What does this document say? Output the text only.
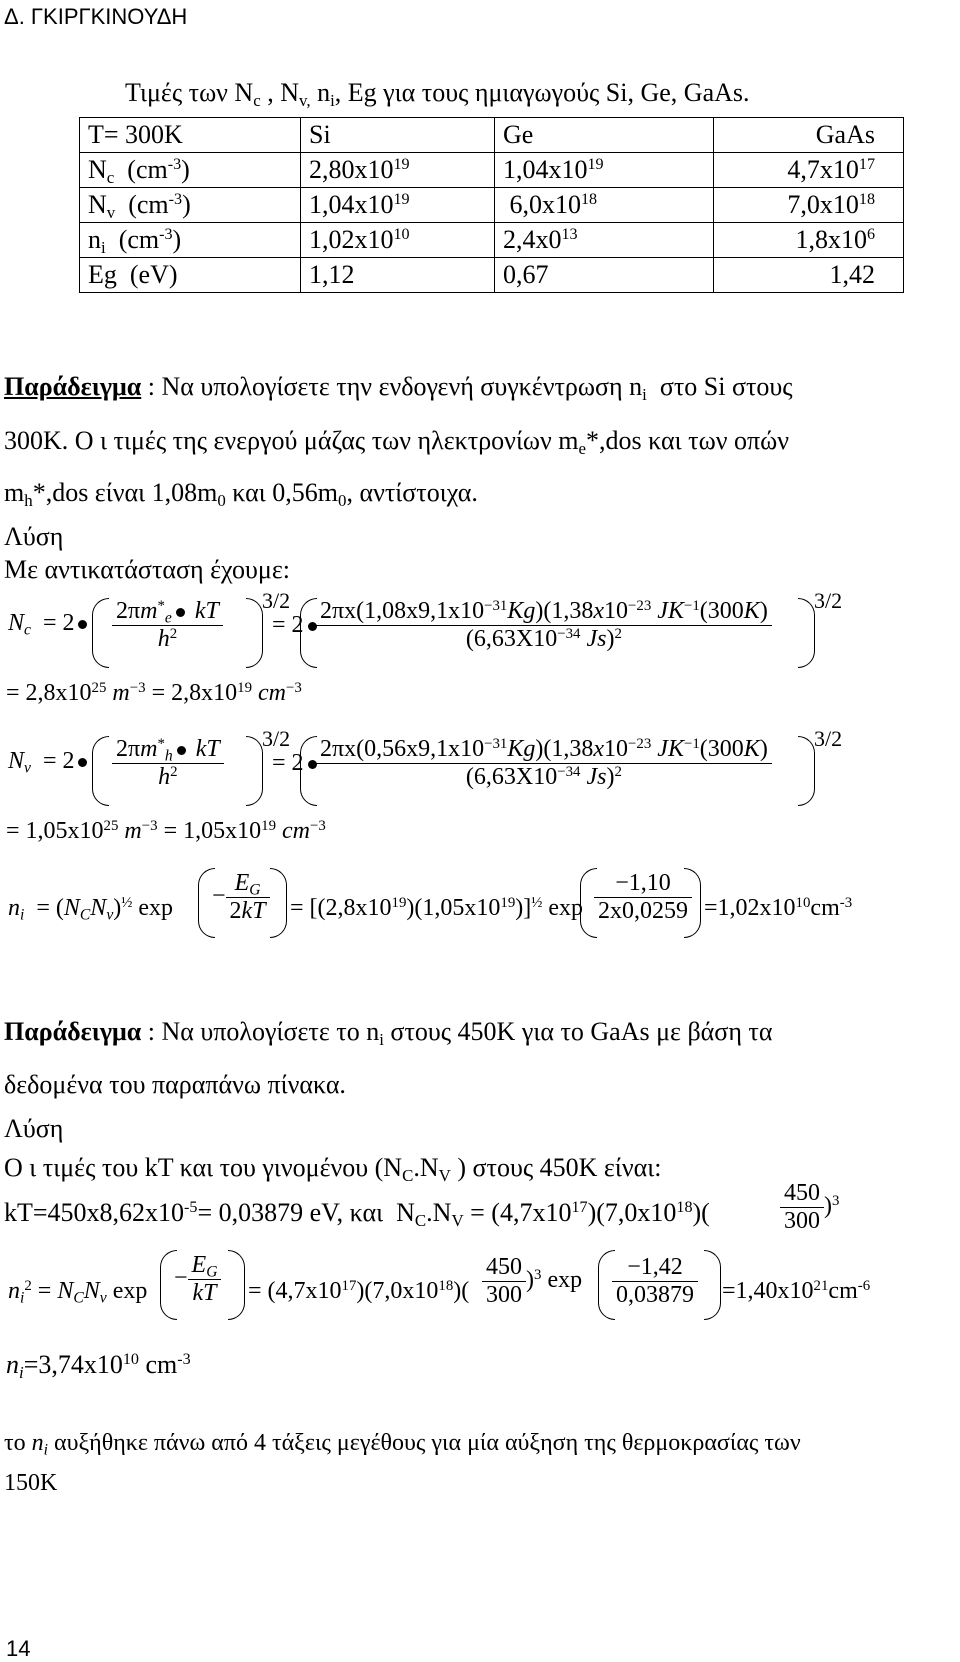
Δ. ΓΚΙΡΓΚΙΝΟΥΔΗ
Τιμές των $N_c$ , $N_{v,}$ $n_i$, Eg για τους ημιαγωγούς Si, Ge, GaAs.
T= 300K	Si	Ge	GaAs
$N_c$ $(cm^{-3})$	$2,80x10^{19}$	$1,04x10^{19}$	$4,7x10^{17}$
$N_v$ $(cm^{-3})$	$1,04x10^{19}$	$6,0x10^{18}$	$7,0x10^{18}$
$n_i$ $(cm^{-3})$	$1,02x10^{10}$	$2,4x0^{13}$	$1,8x10^6$
Eg (eV)	1,12	0,67	1,42
Παράδειγμα : Να υπολογίσετε την ενδογενή συγκέντρωση $n_i$ στο Si στους
300K. Ο ι τιμές της ενεργού μάζας των ηλεκτρονίων $m_e*,dos$ και των οπών
$m_h*,dos$ είναι $1,08m_0$ και $0,56m_0$, αντίστοιχα.
Λύση
Με αντικατάσταση έχουμε:
$N_c = 2$	$\frac{2\pi m^*_e kT}{h^2} 3/2$
= $2 \frac{2\pi x(1,08x9,1x10^{-31}Kg)(1,38x10^{-23} JK^{-1}(300K)}{(6,63X10^{-34} Js)^2} 3/2$
= $2,8x10^{25}$ $m^{-3} = 2,8x10^{19}$ $cm^{-3}$
$N_v = 2$	$\frac{2\pi m^*_h kT}{h^2} 3/2$
= $2 \frac{2\pi x(0,56x9,1x10^{-31}Kg)(1,38x10^{-23} JK^{-1}(300K)}{(6,63X10^{-34} Js)^2} 3/2$
= $1,05x10^{25}$ $m^{-3} = 1,05x10^{19}$ $cm^{-3}$
$n_i = (N_CN_v)^{\frac{1}{2}}$ $\exp - \frac{E_G}{2kT} = [(2,8x10^{19})(1,05x10^{19})]^{\frac{1}{2}}$ $\exp \frac{-1,10}{2x0,0259} =1,02x10^{10}cm^{-3}$
Παράδειγμα : Να υπολογίσετε το $n_i$ στους 450K για το GaAs με βάση τα
δεδομένα του παραπάνω πίνακα.
Λύση
Ο ι τιμές του kT και του γινομένου ($N_C.N_V$ ) στους 450K είναι:
$kT=450x8,62x10^{-5}= 0,03879$ eV, και  $N_C.N_V = (4,7x10^{17})(7,0x10^{18})$(	$\frac{450}{300} )^3$
$n_i^2 = N_CN_v$ $\exp - \frac{E_G}{kT} = (4,7x10^{17})(7,0x10^{18})( \frac{450}{300} )^3$ $\exp \frac{-1,42}{0,03879} =1,40x10^{21}cm^{-6}$
$n_i=3,74x10^{10}$ $cm^{-3}$
το $n_i$ αυξήθηκε πάνω από 4 τάξεις μεγέθους για μία αύξηση της θερμοκρασίας των
150K
14
